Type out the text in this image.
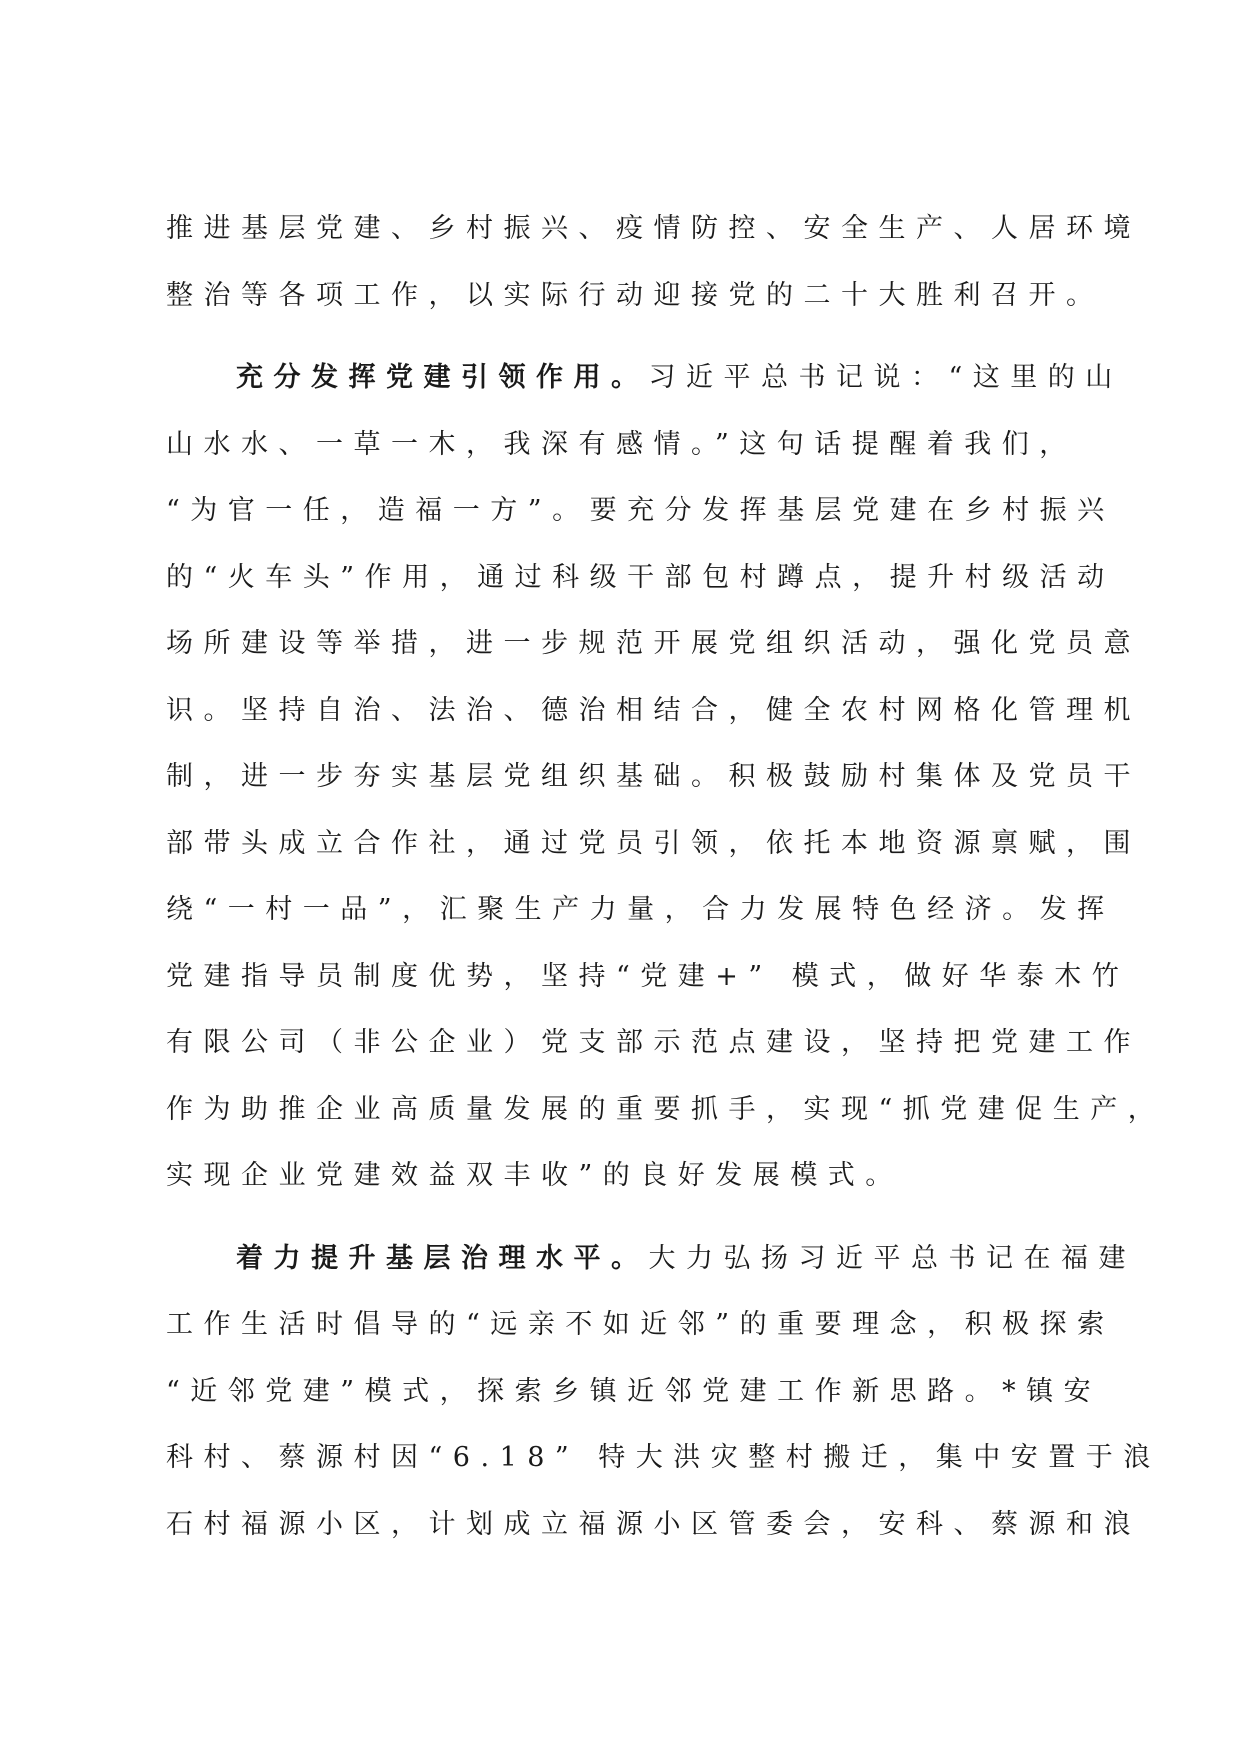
推进基层党建、乡村振兴、疫情防控、安全生产、人居环境
整治等各项工作，以实际行动迎接党的二十大胜利召开。
充分发挥党建引领作用。习近平总书记说：“这里的山
山水水、一草一木，我深有感情。”这句话提醒着我们，
“为官一任，造福一方”。要充分发挥基层党建在乡村振兴
的“火车头”作用，通过科级干部包村蹲点，提升村级活动
场所建设等举措，进一步规范开展党组织活动，强化党员意
识。坚持自治、法治、德治相结合，健全农村网格化管理机
制，进一步夯实基层党组织基础。积极鼓励村集体及党员干
部带头成立合作社，通过党员引领，依托本地资源禀赋，围
绕“一村一品”，汇聚生产力量，合力发展特色经济。发挥
党建指导员制度优势，坚持“党建+” 模式，做好华泰木竹
有限公司（非公企业）党支部示范点建设，坚持把党建工作
作为助推企业高质量发展的重要抓手，实现“抓党建促生产，
实现企业党建效益双丰收”的良好发展模式。
着力提升基层治理水平。大力弘扬习近平总书记在福建
工作生活时倡导的“远亲不如近邻”的重要理念，积极探索
“近邻党建”模式，探索乡镇近邻党建工作新思路。*镇安
科村、蔡源村因“6.18” 特大洪灾整村搬迁，集中安置于浪
石村福源小区，计划成立福源小区管委会，安科、蔡源和浪
